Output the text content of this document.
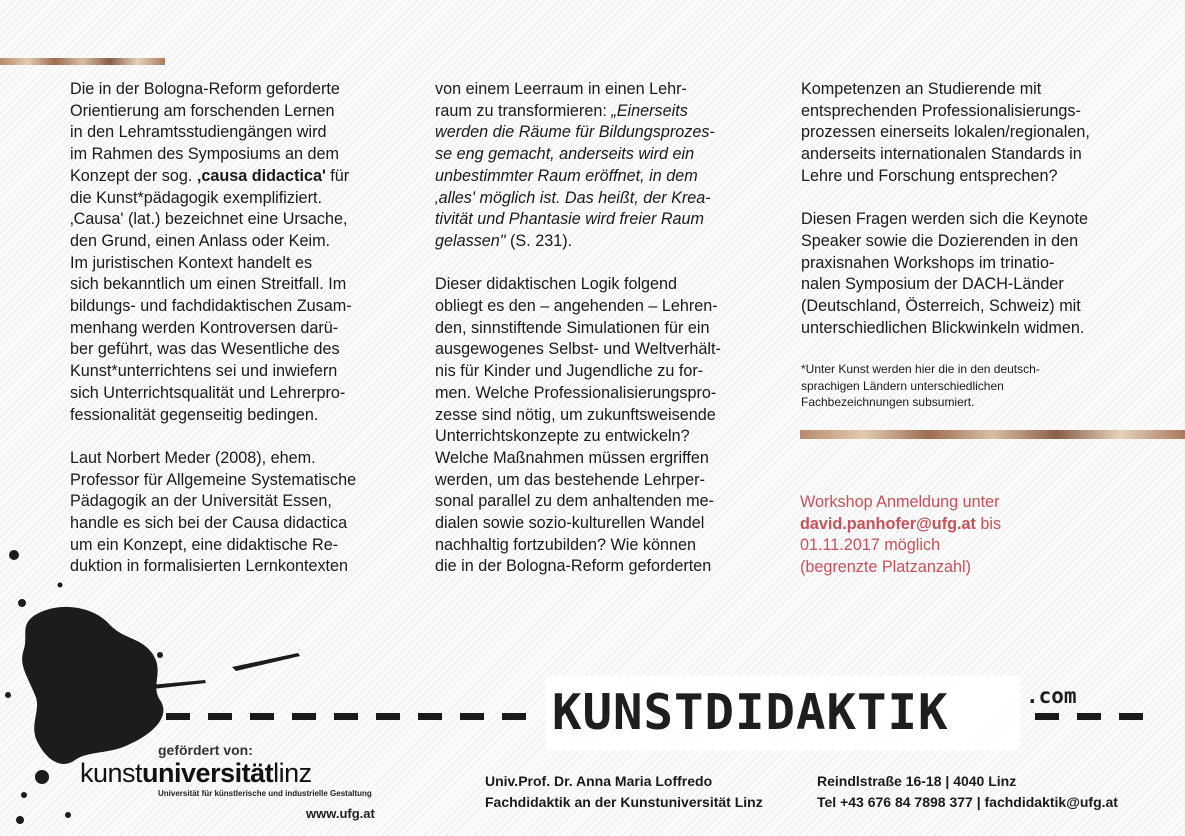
Die in der Bologna-Reform geforderte
Orientierung am forschenden Lernen
in den Lehramtsstudiengängen wird
im Rahmen des Symposiums an dem
Konzept der sog. ‚causa didactica' für
die Kunst*pädagogik exemplifiziert.
‚Causa' (lat.) bezeichnet eine Ursache,
den Grund, einen Anlass oder Keim.
Im juristischen Kontext handelt es
sich bekanntlich um einen Streitfall. Im
bildungs- und fachdidaktischen Zusam-
menhang werden Kontroversen darü-
ber geführt, was das Wesentliche des
Kunst*unterrichtens sei und inwiefern
sich Unterrichtsqualität und Lehrerpro-
fessionalität gegenseitig bedingen.

Laut Norbert Meder (2008), ehem.
Professor für Allgemeine Systematische
Pädagogik an der Universität Essen,
handle es sich bei der Causa didactica
um ein Konzept, eine didaktische Re-
duktion in formalisierten Lernkontexten

von einem Leerraum in einen Lehr-
raum zu transformieren: „Einerseits
werden die Räume für Bildungsprozes-
se eng gemacht, anderseits wird ein
unbestimmter Raum eröffnet, in dem
‚alles' möglich ist. Das heißt, der Krea-
tivität und Phantasie wird freier Raum
gelassen" (S. 231).

Dieser didaktischen Logik folgend
obliegt es den – angehenden – Lehren-
den, sinnstiftende Simulationen für ein
ausgewogenes Selbst- und Weltverhält-
nis für Kinder und Jugendliche zu for-
men. Welche Professionalisierungspro-
zesse sind nötig, um zukunftsweisende
Unterrichtskonzepte zu entwickeln?
Welche Maßnahmen müssen ergriffen
werden, um das bestehende Lehrper-
sonal parallel zu dem anhaltenden me-
dialen sowie sozio-kulturellen Wandel
nachhaltig fortzubilden? Wie können
die in der Bologna-Reform geforderten

Kompetenzen an Studierende mit
entsprechenden Professionalisierungs-
prozessen einerseits lokalen/regionalen,
anderseits internationalen Standards in
Lehre und Forschung entsprechen?

Diesen Fragen werden sich die Keynote
Speaker sowie die Dozierenden in den
praxisnahen Workshops im trinatio-
nalen Symposium der DACH-Länder
(Deutschland, Österreich, Schweiz) mit
unterschiedlichen Blickwinkeln widmen.

*Unter Kunst werden hier die in den deutsch-
sprachigen Ländern unterschiedlichen
Fachbezeichnungen subsumiert.

Workshop Anmeldung unter
david.panhofer@ufg.at bis
01.11.2017 möglich
(begrenzte Platzanzahl)
KUNSTDIDAKTIK	.com
gefördert von:
kunstuniversitätlinz
Universität für künstlerische und industrielle Gestaltung
www.ufg.at
Univ.Prof. Dr. Anna Maria Loffredo
Fachdidaktik an der Kunstuniversität Linz
Reindlstraße 16-18 | 4040 Linz
Tel +43 676 84 7898 377 | fachdidaktik@ufg.at
